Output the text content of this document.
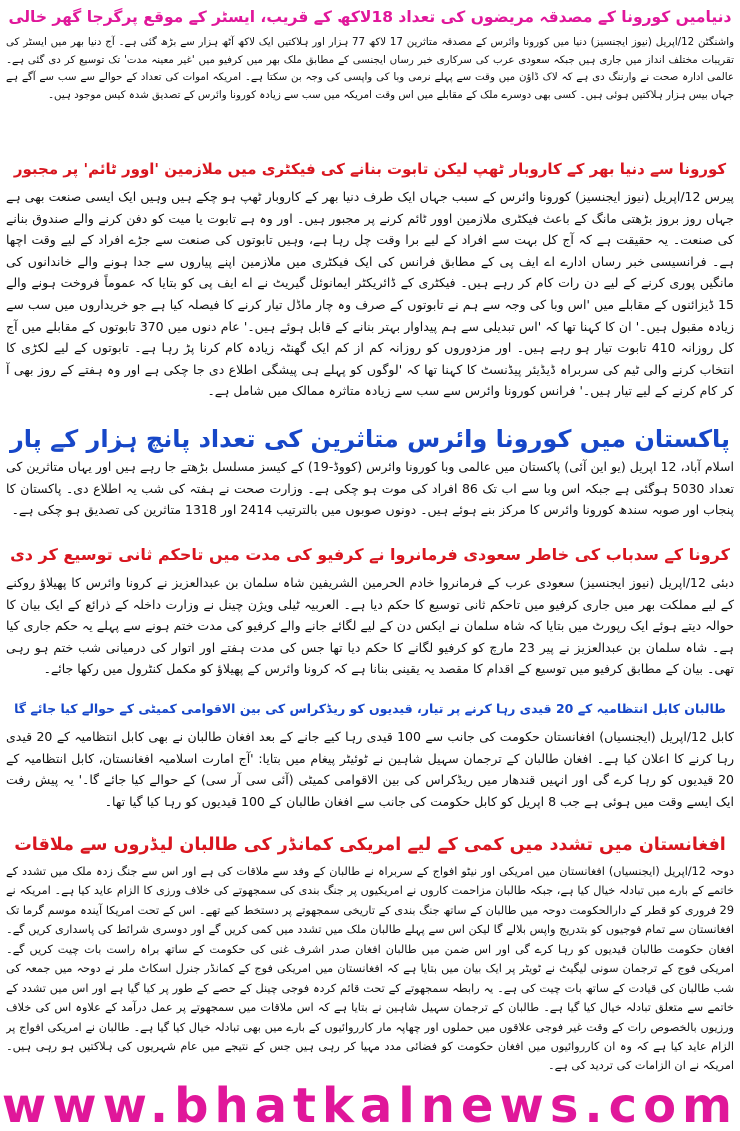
دنیامیں کورونا کے مصدقہ مریضوں کی تعداد 18لاکھ کے قریب، ایسٹر کے موقع پرگرجا گھر خالی

واشنگٹن 12/اپریل (نیوز ایجنسیز) دنیا میں کورونا وائرس کے مصدقہ متاثرین 17 لاکھ 77 ہزار اور ہلاکتیں ایک لاکھ آٹھ ہزار سے بڑھ گئی ہے۔ آج دنیا بھر میں ایسٹر کی تقریبات مختلف انداز میں جاری ہیں جبکہ سعودی عرب کی سرکاری خبر رساں ایجنسی کے مطابق ملک بھر میں کرفیو میں 'غیر معینہ مدت' تک توسیع کر دی گئی ہے۔ عالمی ادارہ صحت نے وارننگ دی ہے کہ لاک ڈاؤن میں وقت سے پہلے نرمی وبا کی واپسی کی وجہ بن سکتا ہے۔ امریکہ اموات کی تعداد کے حوالے سے سب سے آگے ہے جہاں بیس ہزار ہلاکتیں ہوئی ہیں۔ کسی بھی دوسرے ملک کے مقابلے میں اس وقت امریکہ میں سب سے زیادہ کورونا وائرس کے تصدیق شدہ کیس موجود ہیں۔

کورونا سے دنیا بھر کے کاروبار ٹھپ لیکن تابوت بنانے کی فیکٹری میں ملازمین 'اوور ٹائم' پر مجبور

پیرس 12/اپریل (نیوز ایجنسیز) کورونا وائرس کے سبب جہاں ایک طرف دنیا بھر کے کاروبار ٹھپ ہو چکے ہیں وہیں ایک ایسی صنعت بھی ہے جہاں روز بروز بڑھتی مانگ کے باعث فیکٹری ملازمین اوور ٹائم کرنے پر مجبور ہیں۔ اور وہ ہے تابوت یا میت کو دفن کرنے والے صندوق بنانے کی صنعت۔ یہ حقیقت ہے کہ آج کل بہت سے افراد کے لیے برا وقت چل رہا ہے، وہیں تابوتوں کی صنعت سے جڑے افراد کے لیے وقت اچھا ہے۔ فرانسیسی خبر رساں ادارے اے ایف پی کے مطابق فرانس کی ایک فیکٹری میں ملازمین اپنے پیاروں سے جدا ہونے والے خاندانوں کی مانگیں پوری کرنے کے لیے دن رات کام کر رہے ہیں۔ فیکٹری کے ڈائریکٹر ایمانوئل گیریٹ نے اے ایف پی کو بتایا کہ عموماً فروخت ہونے والے 15 ڈیزائنوں کے مقابلے میں 'اس وبا کی وجہ سے ہم نے تابوتوں کے صرف وہ چار ماڈل تیار کرنے کا فیصلہ کیا ہے جو خریداروں میں سب سے زیادہ مقبول ہیں۔' ان کا کہنا تھا کہ 'اس تبدیلی سے ہم پیداوار بہتر بنانے کے قابل ہوئے ہیں۔' عام دنوں میں 370 تابوتوں کے مقابلے میں آج کل روزانہ 410 تابوت تیار ہو رہے ہیں۔ اور مزدوروں کو روزانہ کم از کم ایک گھنٹہ زیادہ کام کرنا پڑ رہا ہے۔ تابوتوں کے لیے لکڑی کا انتخاب کرنے والی ٹیم کی سربراہ ڈیڈیئر پیڈنسٹ کا کہنا تھا کہ 'لوگوں کو پہلے ہی پیشگی اطلاع دی جا چکی ہے اور وہ ہفتے کے روز بھی آ کر کام کرنے کے لیے تیار ہیں۔' فرانس کورونا وائرس سے سب سے زیادہ متاثرہ ممالک میں شامل ہے۔

پاکستان میں کورونا وائرس متاثرین کی تعداد پانچ ہزار کے پار

اسلام آباد، 12 اپریل (یو این آئی) پاکستان میں عالمی وبا کورونا وائرس (کووڈ-19) کے کیسز مسلسل بڑھتے جا رہے ہیں اور یہاں متاثرین کی تعداد 5030 ہوگئی ہے جبکہ اس وبا سے اب تک 86 افراد کی موت ہو چکی ہے۔ وزارت صحت نے ہفتہ کی شب یہ اطلاع دی۔ پاکستان کا پنجاب اور صوبہ سندھ کورونا وائرس کا مرکز بنے ہوئے ہیں۔ دونوں صوبوں میں بالترتیب 2414 اور 1318 متاثرین کی تصدیق ہو چکی ہے۔

کرونا کے سدباب کی خاطر سعودی فرمانروا نے کرفیو کی مدت میں تاحکم ثانی توسیع کر دی

دبئی 12/اپریل (نیوز ایجنسیز) سعودی عرب کے فرمانروا خادم الحرمین الشریفین شاہ سلمان بن عبدالعزیز نے کرونا وائرس کا پھیلاؤ روکنے کے لیے مملکت بھر میں جاری کرفیو میں تاحکم ثانی توسیع کا حکم دیا ہے۔ العربیہ ٹیلی ویژن چینل نے وزارت داخلہ کے ذرائع کے ایک بیان کا حوالہ دیتے ہوئے ایک رپورٹ میں بتایا کہ شاہ سلمان نے ایکس دن کے لیے لگائے جانے والے کرفیو کی مدت ختم ہونے سے پہلے یہ حکم جاری کیا ہے۔ شاہ سلمان بن عبدالعزیز نے پیر 23 مارچ کو کرفیو لگانے کا حکم دیا تھا جس کی مدت ہفتے اور اتوار کی درمیانی شب ختم ہو رہی تھی۔ بیان کے مطابق کرفیو میں توسیع کے اقدام کا مقصد یہ یقینی بنانا ہے کہ کرونا وائرس کے پھیلاؤ کو مکمل کنٹرول میں رکھا جائے۔

طالبان کابل انتظامیہ کے 20 قیدی رہا کرنے پر تیار، قیدیوں کو ریڈکراس کی بین الاقوامی کمیٹی کے حوالے کیا جائے گا

کابل 12/اپریل (ایجنسیاں) افغانستان حکومت کی جانب سے 100 قیدی رہا کیے جانے کے بعد افغان طالبان نے بھی کابل انتظامیہ کے 20 قیدی رہا کرنے کا اعلان کیا ہے۔ افغان طالبان کے ترجمان سہیل شاہین نے ٹوئیٹر پیغام میں بتایا: 'آج امارت اسلامیہ افغانستان، کابل انتظامیہ کے 20 قیدیوں کو رہا کرے گی اور انہیں قندھار میں ریڈکراس کی بین الاقوامی کمیٹی (آئی سی آر سی) کے حوالے کیا جائے گا۔' یہ پیش رفت ایک ایسے وقت میں ہوئی ہے جب 8 اپریل کو کابل حکومت کی جانب سے افغان طالبان کے 100 قیدیوں کو رہا کیا گیا تھا۔

افغانستان میں تشدد میں کمی کے لیے امریکی کمانڈر کی طالبان لیڈروں سے ملاقات

دوحہ 12/اپریل (ایجنسیاں) افغانستان میں امریکی اور نیٹو افواج کے سربراہ نے طالبان کے وفد سے ملاقات کی ہے اور اس سے جنگ زدہ ملک میں تشدد کے خاتمے کے بارے میں تبادلہ خیال کیا ہے، جبکہ طالبان مزاحمت کاروں نے امریکیوں پر جنگ بندی کی سمجھوتے کی خلاف ورزی کا الزام عاید کیا ہے۔ امریکہ نے 29 فروری کو قطر کے دارالحکومت دوحہ میں طالبان کے ساتھ جنگ بندی کے تاریخی سمجھوتے پر دستخط کیے تھے۔ اس کے تحت امریکا آیندہ موسم گرما تک افغانستان سے تمام فوجیوں کو بتدریج واپس بلالے گا لیکن اس سے پہلے طالبان ملک میں تشدد میں کمی کریں گے اور دوسری شرائط کی پاسداری کریں گے۔ افغان حکومت طالبان قیدیوں کو رہا کرے گی اور اس ضمن میں طالبان افغان صدر اشرف غنی کی حکومت کے ساتھ براہ راست بات چیت کریں گے۔ امریکی فوج کے ترجمان سونی لیگیٹ نے ٹویٹر پر ایک بیان میں بتایا ہے کہ افغانستان میں امریکی فوج کے کمانڈر جنرل اسکاٹ ملر نے دوحہ میں جمعہ کی شب طالبان کی قیادت کے ساتھ بات چیت کی ہے۔ یہ رابطہ سمجھوتے کے تحت قائم کردہ فوجی چینل کے حصے کے طور پر کیا گیا ہے اور اس میں تشدد کے خاتمے سے متعلق تبادلہ خیال کیا گیا ہے۔ طالبان کے ترجمان سہیل شاہین نے بتایا ہے کہ اس ملاقات میں سمجھوتے پر عمل درآمد کے علاوہ اس کی خلاف ورزیوں بالخصوص رات کے وقت غیر فوجی علاقوں میں حملوں اور چھاپہ مار کارروائیوں کے بارے میں بھی تبادلہ خیال کیا گیا ہے۔ طالبان نے امریکی افواج پر الزام عاید کیا ہے کہ وہ ان کارروائیوں میں افغان حکومت کو فضائی مدد مہیا کر رہی ہیں جس کے نتیجے میں عام شہریوں کی ہلاکتیں ہو رہی ہیں۔ امریکہ نے ان الزامات کی تردید کی ہے۔

www.bhatkalnews.com
